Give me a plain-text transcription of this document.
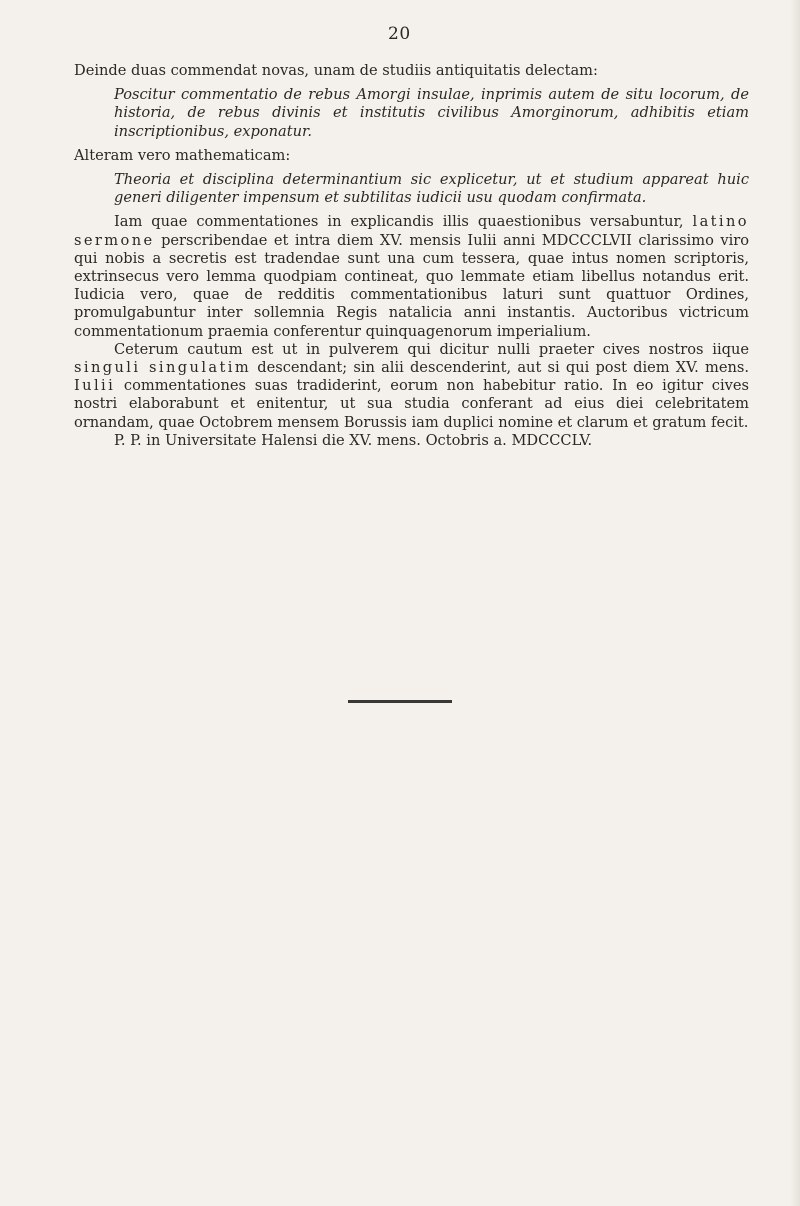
20

Deinde duas commendat novas, unam de studiis antiquitatis delectam:

Poscitur commentatio de rebus Amorgi insulae, inprimis autem de situ locorum, de historia, de rebus divinis et institutis civilibus Amorginorum, adhibitis etiam inscriptionibus, exponatur.

Alteram vero mathematicam:

Theoria et disciplina determinantium sic explicetur, ut et studium appareat huic generi diligenter impensum et subtilitas iudicii usu quodam confirmata.

Iam quae commentationes in explicandis illis quaestionibus versabuntur, latino sermone perscribendae et intra diem XV. mensis Iulii anni MDCCCLVII clarissimo viro qui nobis a secretis est tradendae sunt una cum tessera, quae intus nomen scriptoris, extrinsecus vero lemma quodpiam contineat, quo lemmate etiam libellus notandus erit. Iudicia vero, quae de redditis commentationibus laturi sunt quattuor Ordines, promulgabuntur inter sollemnia Regis natalicia anni instantis. Auctoribus victricum commentationum praemia conferentur quinquagenorum imperialium.

Ceterum cautum est ut in pulverem qui dicitur nulli praeter cives nostros iique singuli singulatim descendant; sin alii descenderint, aut si qui post diem XV. mens. Iulii commentationes suas tradiderint, eorum non habebitur ratio. In eo igitur cives nostri elaborabunt et enitentur, ut sua studia conferant ad eius diei celebritatem ornandam, quae Octobrem mensem Borussis iam duplici nomine et clarum et gratum fecit.

P. P. in Universitate Halensi die XV. mens. Octobris a. MDCCCLV.
